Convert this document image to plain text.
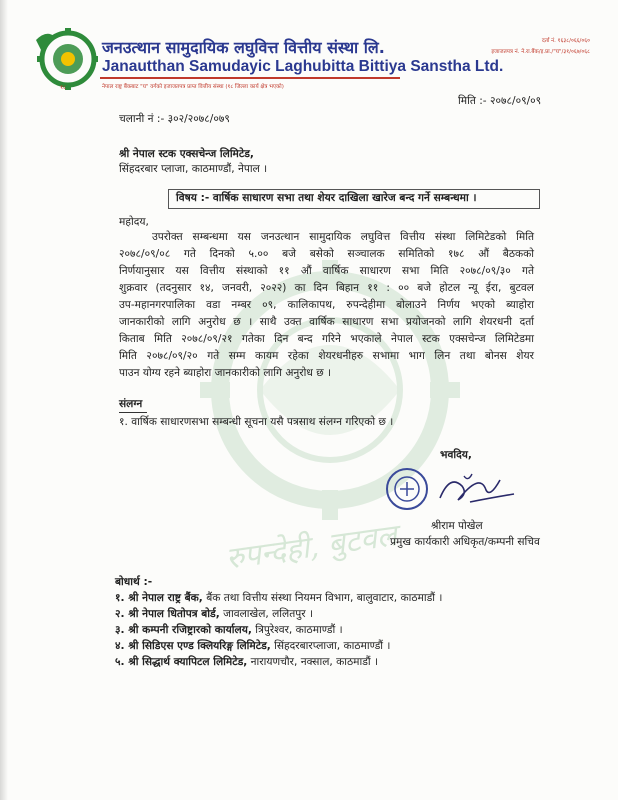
रुपन्देही, बुटवल
१८
जनउत्थान सामुदायिक लघुवित्त वित्तीय संस्था लि.
Janautthan Samudayic Laghubitta Bittiya Sanstha Ltd.
नेपाल राष्ट्र बैंकबाट "घ" वर्गको इजाजतपत्र प्राप्त वित्तीय संस्था (१८ जिल्ला कार्य क्षेत्र भएको)
दर्ता नं. १६३८/०६६/०६०
इजाजतपत्र नं. ने.रा.बैंक/इ.प्रा./"घ"/३१/०६७/०६८
मिति :- २०७८/०९/०९
चलानी नं :- ३०२/२०७८/०७९
श्री नेपाल स्टक एक्सचेन्ज लिमिटेड,
सिंहदरबार प्लाजा, काठमाण्डौं, नेपाल ।
विषय :- वार्षिक साधारण सभा तथा शेयर दाखिला खारेज बन्द गर्ने सम्बन्धमा ।
महोदय,
उपरोक्त सम्बन्धमा यस जनउत्थान सामुदायिक लघुवित्त वित्तीय संस्था लिमिटेडको मिति
२०७८/०९/०८ गते दिनको ५.०० बजे बसेको सञ्चालक समितिको १७८ औं बैठकको
निर्णयानुसार यस वित्तीय संस्थाको ११ औं वार्षिक साधारण सभा मिति २०७८/०९/३० गते
शुक्रवार (तदनुसार १४, जनवरी, २०२२) का दिन बिहान ११ : ०० बजे होटल न्यू ईरा, बुटवल
उप-महानगरपालिका वडा नम्बर ०९, कालिकापथ, रुपन्देहीमा बोलाउने निर्णय भएको ब्याहोरा
जानकारीको लागि अनुरोध छ । साथै उक्त वार्षिक साधारण सभा प्रयोजनको लागि शेयरधनी दर्ता
किताब मिति २०७८/०९/२१ गतेका दिन बन्द गरिने भएकाले नेपाल स्टक एक्सचेन्ज लिमिटेडमा
मिति २०७८/०९/२० गते सम्म कायम रहेका शेयरधनीहरु सभामा भाग लिन तथा बोनस शेयर
पाउन योग्य रहने ब्याहोरा जानकारीको लागि अनुरोध छ ।
संलग्न
१. वार्षिक साधारणसभा सम्बन्धी सूचना यसै पत्रसाथ संलग्न गरिएको छ ।
भवदिय,
श्रीराम पोखेल
प्रमुख कार्यकारी अधिकृत/कम्पनी सचिव
बोधार्थ :-
१. श्री नेपाल राष्ट्र बैंक, बैंक तथा वित्तीय संस्था नियमन विभाग, बालुवाटार, काठमाडौं ।
२. श्री नेपाल धितोपत्र बोर्ड, जावलाखेल, ललितपुर ।
३. श्री कम्पनी रजिष्ट्रारको कार्यालय, त्रिपुरेश्वर, काठमाण्डौं ।
४. श्री सिडिएस एण्ड क्लियरिङ्ग लिमिटेड, सिंहदरबारप्लाजा, काठमाण्डौं ।
५. श्री सिद्धार्थ क्यापिटल लिमिटेड, नारायणचौर, नक्साल, काठमाडौं ।
